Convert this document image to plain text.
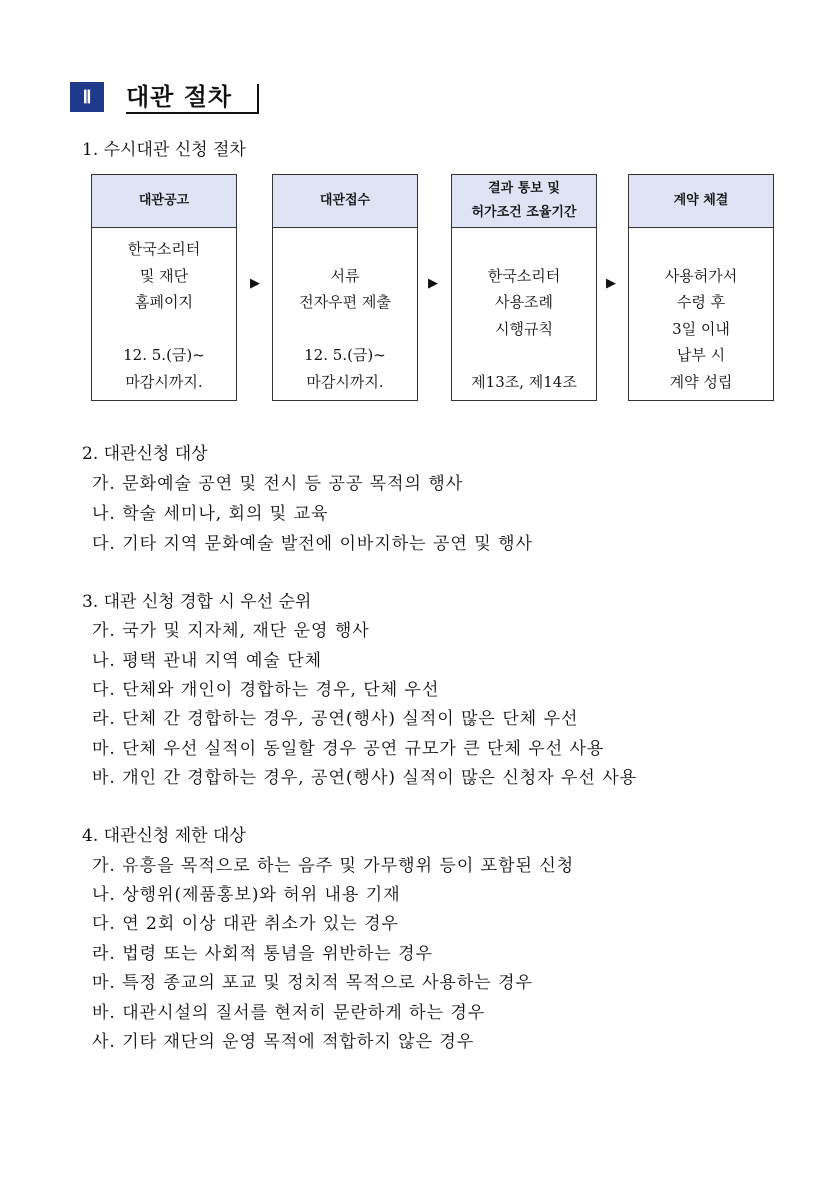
Ⅱ	대관 절차
1. 수시대관 신청 절차
대관공고
한국소리터
및 재단
홈페이지

12. 5.(금)~
마감시까지.
▶
대관접수

서류
전자우편 제출

12. 5.(금)~
마감시까지.
▶
결과 통보 및
허가조건 조율기간

한국소리터
사용조례
시행규칙

제13조, 제14조
▶
계약 체결

사용허가서
수령 후
3일 이내
납부 시
계약 성립
2. 대관신청 대상
가. 문화예술 공연 및 전시 등 공공 목적의 행사
나. 학술 세미나, 회의 및 교육
다. 기타 지역 문화예술 발전에 이바지하는 공연 및 행사
3. 대관 신청 경합 시 우선 순위
가. 국가 및 지자체, 재단 운영 행사
나. 평택 관내 지역 예술 단체
다. 단체와 개인이 경합하는 경우, 단체 우선
라. 단체 간 경합하는 경우, 공연(행사) 실적이 많은 단체 우선
마. 단체 우선 실적이 동일할 경우 공연 규모가 큰 단체 우선 사용
바. 개인 간 경합하는 경우, 공연(행사) 실적이 많은 신청자 우선 사용
4. 대관신청 제한 대상
가. 유흥을 목적으로 하는 음주 및 가무행위 등이 포함된 신청
나. 상행위(제품홍보)와 허위 내용 기재
다. 연 2회 이상 대관 취소가 있는 경우
라. 법령 또는 사회적 통념을 위반하는 경우
마. 특정 종교의 포교 및 정치적 목적으로 사용하는 경우
바. 대관시설의 질서를 현저히 문란하게 하는 경우
사. 기타 재단의 운영 목적에 적합하지 않은 경우
